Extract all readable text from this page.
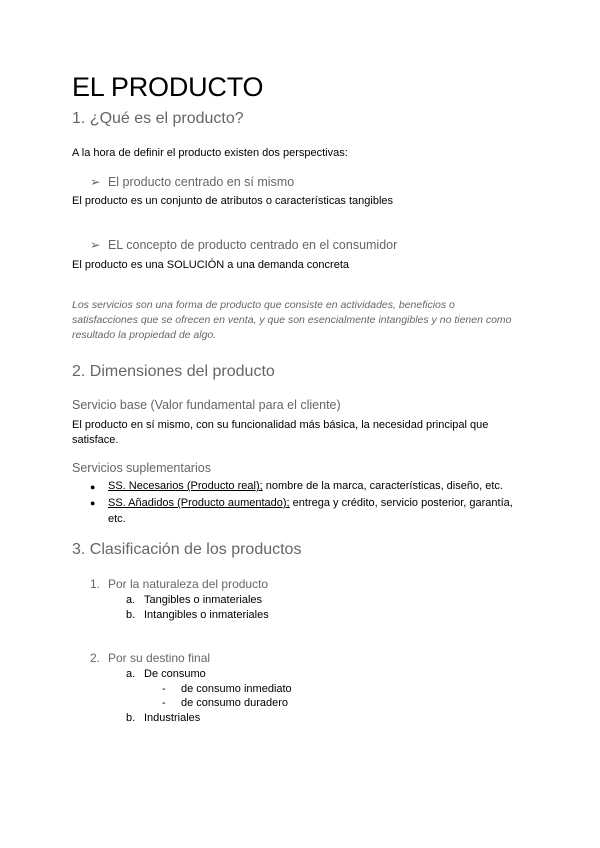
EL PRODUCTO
1. ¿Qué es el producto?
A la hora de definir el producto existen dos perspectivas:
➢ El producto centrado en sí mismo
El producto es un conjunto de atributos o características tangibles
➢ EL concepto de producto centrado en el consumidor
El producto es una SOLUCIÓN a una demanda concreta
Los servicios son una forma de producto que consiste en actividades, beneficios o satisfacciones que se ofrecen en venta, y que son esencialmente intangibles y no tienen como resultado la propiedad de algo.
2. Dimensiones del producto
Servicio base (Valor fundamental para el cliente)
El producto en sí mismo, con su funcionalidad más básica, la necesidad principal que satisface.
Servicios suplementarios
● SS. Necesarios (Producto real); nombre de la marca, características, diseño, etc.
● SS. Añadidos (Producto aumentado); entrega y crédito, servicio posterior, garantía, etc.
3. Clasificación de los productos
1. Por la naturaleza del producto
a. Tangibles o inmateriales
b. Intangibles o inmateriales
2. Por su destino final
a. De consumo
- de consumo inmediato
- de consumo duradero
b. Industriales
